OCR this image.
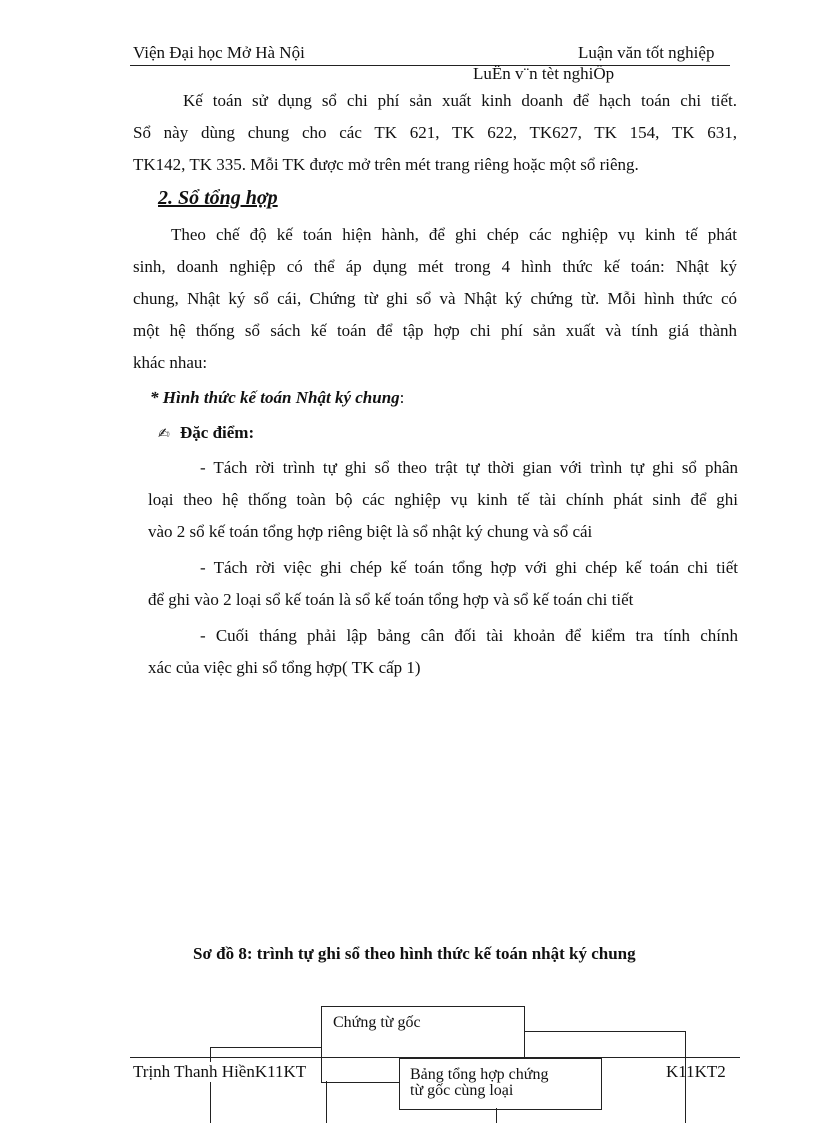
Viện Đại học Mở Hà Nội	Luận văn tốt nghiệp
LuËn v¨n tèt nghiÖp
Kế toán sử dụng sổ chi phí sản xuất kinh doanh để hạch toán chi tiết.
Sổ này dùng chung cho các TK 621, TK 622, TK627, TK 154, TK 631,
TK142, TK 335. Mỗi TK được mở trên mét trang riêng hoặc một sổ riêng.
2. Sổ tổng hợp
Theo chế độ kế toán hiện hành, để ghi chép các nghiệp vụ kinh tế phát
sinh, doanh nghiệp có thể áp dụng mét trong 4 hình thức kế toán: Nhật ký
chung, Nhật ký sổ cái, Chứng từ ghi sổ và Nhật ký chứng từ. Mỗi hình thức có
một hệ thống sổ sách kế toán để tập hợp chi phí sản xuất và tính giá thành
khác nhau:
* Hình thức kế toán Nhật ký chung:
✍ Đặc điểm:
- Tách rời trình tự ghi sổ theo trật tự thời gian với trình tự ghi sổ phân
loại theo hệ thống toàn bộ các nghiệp vụ kinh tế tài chính phát sinh để ghi
vào 2 sổ kế toán tổng hợp riêng biệt là sổ nhật ký chung và sổ cái
- Tách rời việc ghi chép kế toán tổng hợp với ghi chép kế toán chi tiết
để ghi vào 2 loại sổ kế toán là sổ kế toán tổng hợp và sổ kế toán chi tiết
- Cuối tháng phải lập bảng cân đối tài khoản để kiểm tra tính chính
xác của việc ghi sổ tổng hợp( TK cấp 1)
Sơ đồ 8: trình tự ghi sổ theo hình thức kế toán nhật ký chung
Chứng từ gốc
Trịnh Thanh HiềnK11KT	K11KT2
Bảng tổng hợp chứng
từ gốc cùng loại
